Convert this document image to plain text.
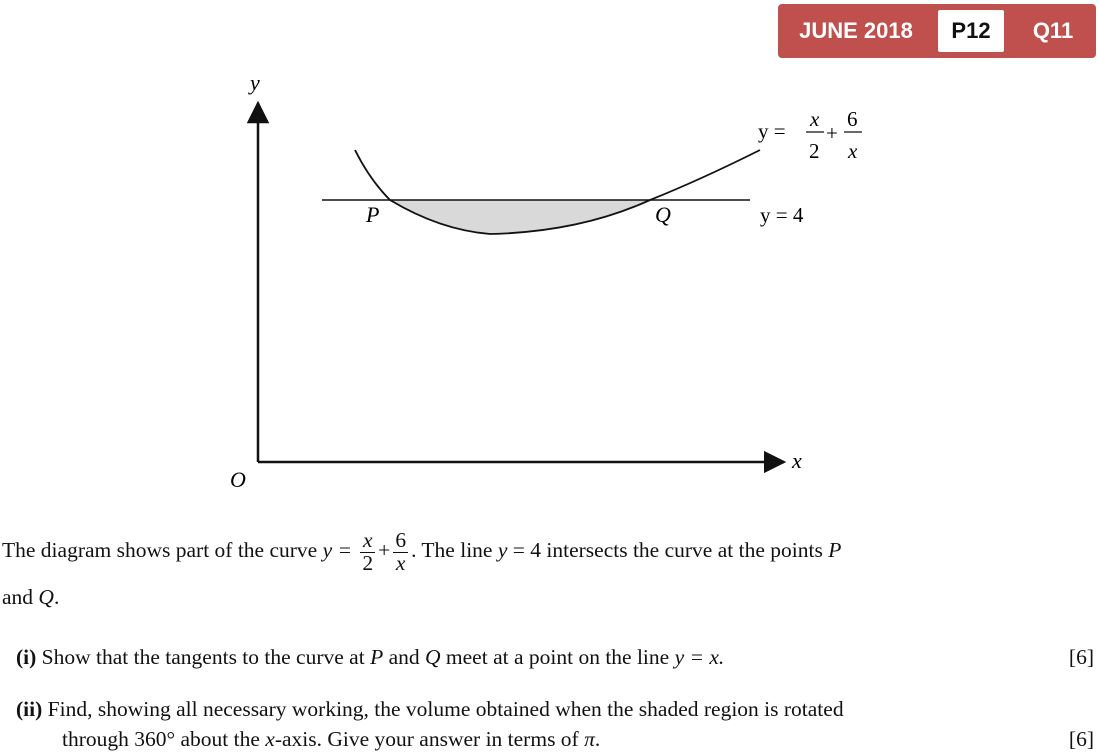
JUNE 2018	P12	Q11
y
x
O
P	Q	y = 4
y = x
2
+
6
x
The diagram shows part of the curve $y = \frac{x}{2} + \frac{6}{x}$ . The line y = 4 intersects the curve at the points P
and Q.
(i) Show that the tangents to the curve at P and Q meet at a point on the line y = x.	[6]
(ii) Find, showing all necessary working, the volume obtained when the shaded region is rotated
through 360° about the x-axis. Give your answer in terms of π.	[6]
